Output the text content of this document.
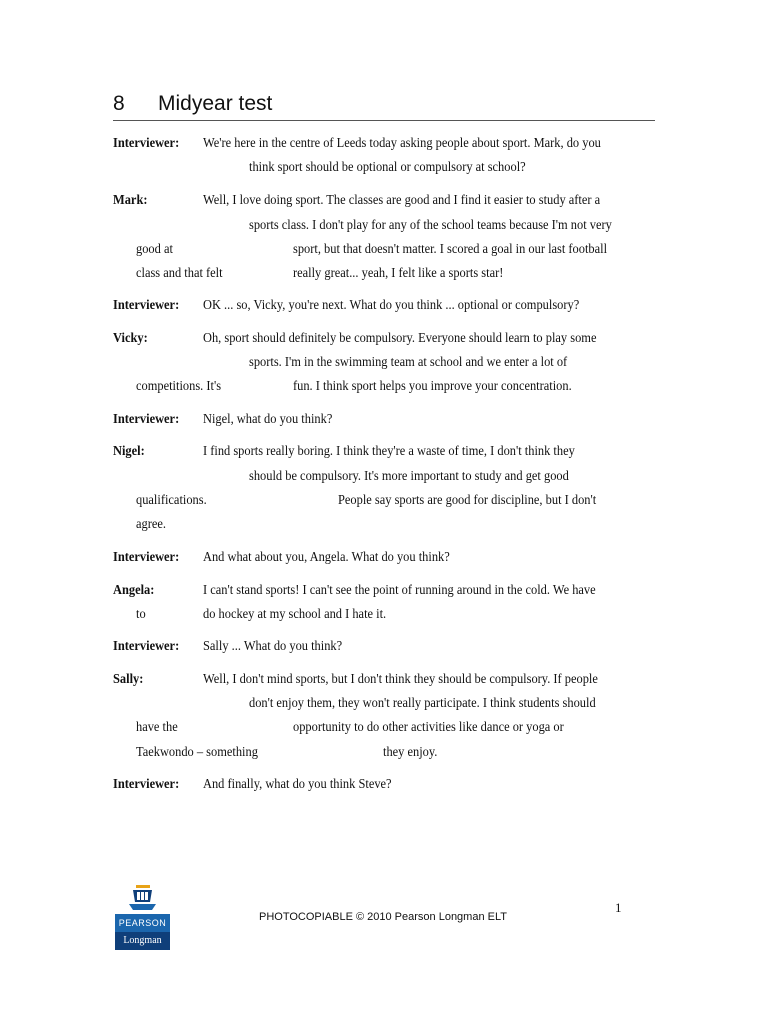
8 Midyear test
Interviewer: We're here in the centre of Leeds today asking people about sport. Mark, do you
think sport should be optional or compulsory at school?
Mark:	Well, I love doing sport. The classes are good and I find it easier to study after a
sports class. I don't play for any of the school teams because I'm not very
good at	sport, but that doesn't matter. I scored a goal in our last football
class and that felt	really great... yeah, I felt like a sports star!
Interviewer: OK ... so, Vicky, you're next. What do you think ... optional or compulsory?
Vicky:	Oh, sport should definitely be compulsory. Everyone should learn to play some
sports. I'm in the swimming team at school and we enter a lot of
competitions. It's	fun. I think sport helps you improve your concentration.
Interviewer: Nigel, what do you think?
Nigel:	I find sports really boring. I think they're a waste of time, I don't think they
should be compulsory. It's more important to study and get good
qualifications.	People say sports are good for discipline, but I don't
agree.
Interviewer: And what about you, Angela. What do you think?
Angela:	I can't stand sports! I can't see the point of running around in the cold. We have
to	do hockey at my school and I hate it.
Interviewer: Sally ... What do you think?
Sally:	Well, I don't mind sports, but I don't think they should be compulsory. If people
don't enjoy them, they won't really participate. I think students should
have the	opportunity to do other activities like dance or yoga or
Taekwondo – something	they enjoy.
Interviewer: And finally, what do you think Steve?
PEARSON
Longman
PHOTOCOPIABLE © 2010 Pearson Longman ELT
1
